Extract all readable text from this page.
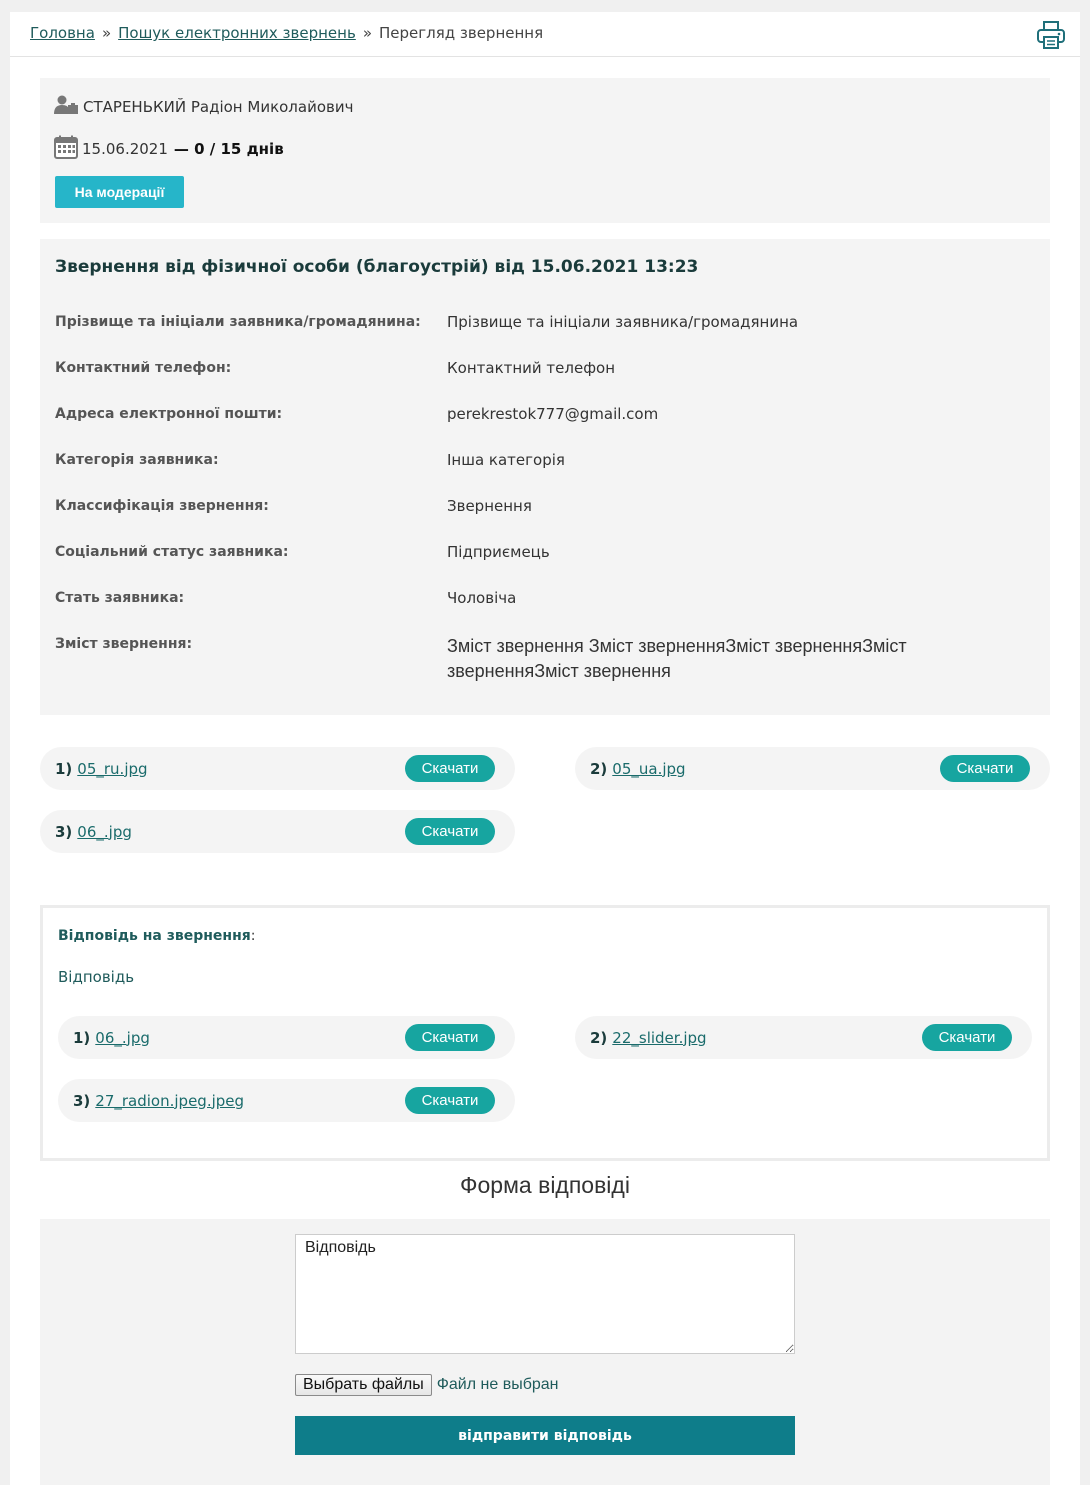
Головна » Пошук електронних звернень » Перегляд звернення
СТАРЕНЬКИЙ Радіон Миколайович
15.06.2021 — 0 / 15 днів
На модерації
Звернення від фізичної особи (благоустрій) від 15.06.2021 13:23
Прізвище та ініціали заявника/громадянина: Прізвище та ініціали заявника/громадянина
Контактний телефон:	Контактний телефон
Адреса електронної пошти:	perekrestok777@gmail.com
Категорія заявника:	Інша категорія
Классифікація звернення:	Звернення
Соціальний статус заявника:	Підприємець
Стать заявника:	Чоловіча
Зміст звернення:	Зміст звернення Зміст зверненняЗміст зверненняЗміст зверненняЗміст звернення
1) 05_ru.jpg	Скачати	2) 05_ua.jpg	Скачати
3) 06_.jpg	Скачати
Відповідь на звернення:
Відповідь
1) 06_.jpg	Скачати	2) 22_slider.jpg	Скачати
3) 27_radion.jpeg.jpeg	Скачати
Форма відповіді
Відповідь
Выбрать файлы Файл не выбран
відправити відповідь
